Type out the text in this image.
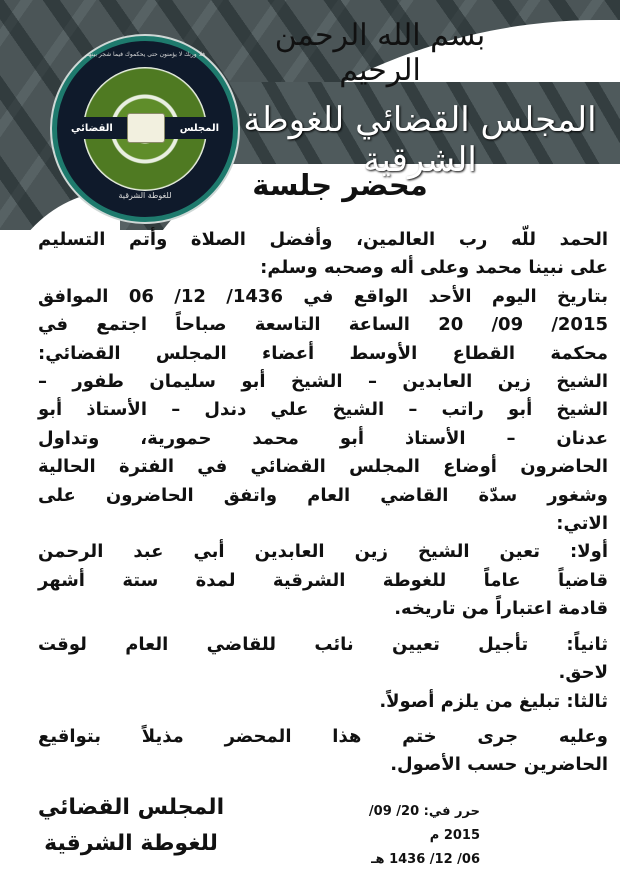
بسم الله الرحمن الرحيم
المجلس القضائي للغوطة الشرقية
فلا وربك لا يؤمنون حتى يحكموك فيما شجر بينهم
المجلس
القضائي
للغوطة الشرقية	محضر جلسة
الحمد للّه رب العالمين، وأفضل الصلاة وأتم التسليم
على نبينا محمد وعلى أله وصحبه وسلم:
بتاريخ اليوم الأحد الواقع في 1436/ 12/ 06 الموافق
2015/ 09/ 20 الساعة التاسعة صباحاً اجتمع في
محكمة القطاع الأوسط أعضاء المجلس القضائي:
الشيخ زين العابدين – الشيخ أبو سليمان طفور –
الشيخ أبو راتب – الشيخ علي دندل – الأستاذ أبو
عدنان – الأستاذ أبو محمد حمورية، وتداول
الحاضرون أوضاع المجلس القضائي في الفترة الحالية
وشغور سدّة القاضي العام واتفق الحاضرون على
الاتي:
أولا: تعين الشيخ زين العابدين أبي عبد الرحمن
قاضياً عاماً للغوطة الشرقية لمدة ستة أشهر
قادمة اعتباراً من تاريخه.
ثانياً: تأجيل تعيين نائب للقاضي العام لوقت
لاحق.
ثالثا: تبليغ من يلزم أصولاً.
وعليه جرى ختم هذا المحضر مذيلاً بتواقيع
الحاضرين حسب الأصول.
المجلس القضائي
للغوطة الشرقية
حرر في: 20/ 09/ 2015 م
06/ 12/ 1436 هـ
